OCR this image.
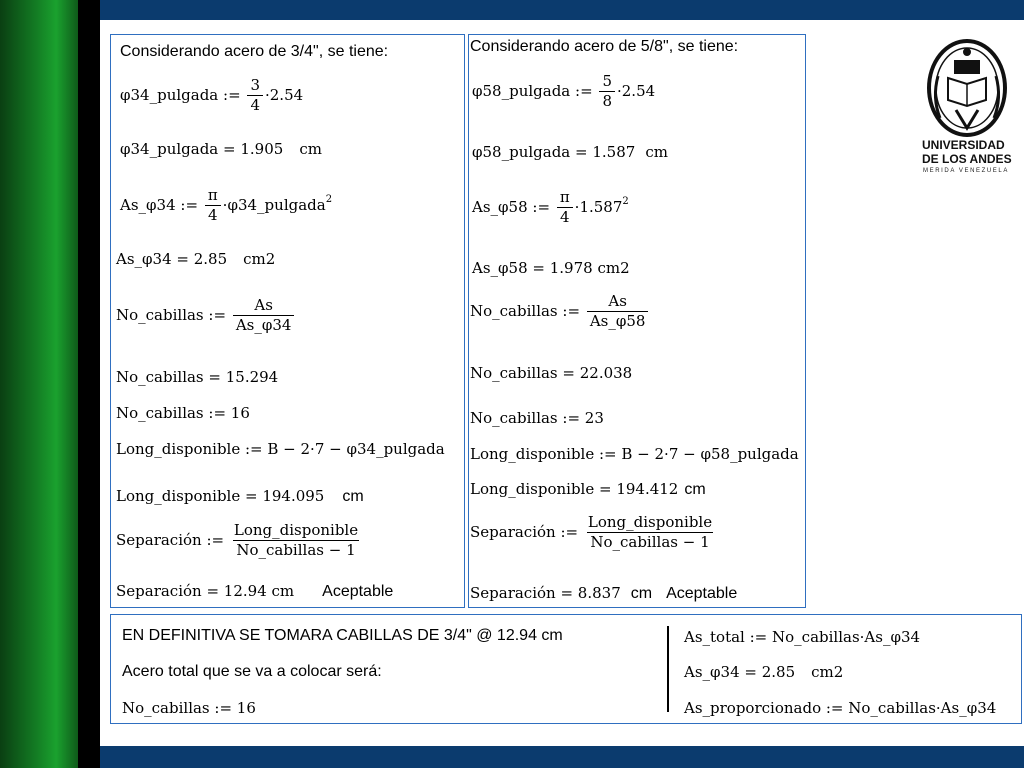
Considerando acero de 3/4", se tiene:
φ34_pulgada := $\frac{3}{4} \cdot 2.54$
φ34_pulgada = 1.905 cm
As_φ34 := $\frac{\pi}{4}$ ·φ34_pulgada$^2$
As_φ34 = 2.85 cm2
No_cabillas := $\frac{As}{As\_\varphi 34}$
No_cabillas = 15.294
No_cabillas := 16
Long_disponible := B − 2·7 − φ34_pulgada
Long_disponible = 194.095 cm
Separación := $\frac{\text{Long\_disponible}}{\text{No\_cabillas − 1}}$
Separación = 12.94 cm Aceptable
Considerando acero de 5/8", se tiene:
φ58_pulgada := $\frac{5}{8} \cdot 2.54$
φ58_pulgada = 1.587 cm
As_φ58 := $\frac{\pi}{4} \cdot 1.587^2$
As_φ58 = 1.978 cm2
No_cabillas := $\frac{As}{As\_\varphi 58}$
No_cabillas = 22.038
No_cabillas := 23
Long_disponible := B − 2·7 − φ58_pulgada
Long_disponible = 194.412 cm
Separación := $\frac{\text{Long\_disponible}}{\text{No\_cabillas − 1}}$
Separación = 8.837 cm Aceptable
UNIVERSIDAD
DE LOS ANDES
MERIDA VENEZUELA
EN DEFINITIVA SE TOMARA CABILLAS DE 3/4" @ 12.94 cm
Acero total que se va a colocar será:
No_cabillas := 16
As_total := No_cabillas·As_φ34
As_φ34 = 2.85 cm2
As_proporcionado := No_cabillas·As_φ34
